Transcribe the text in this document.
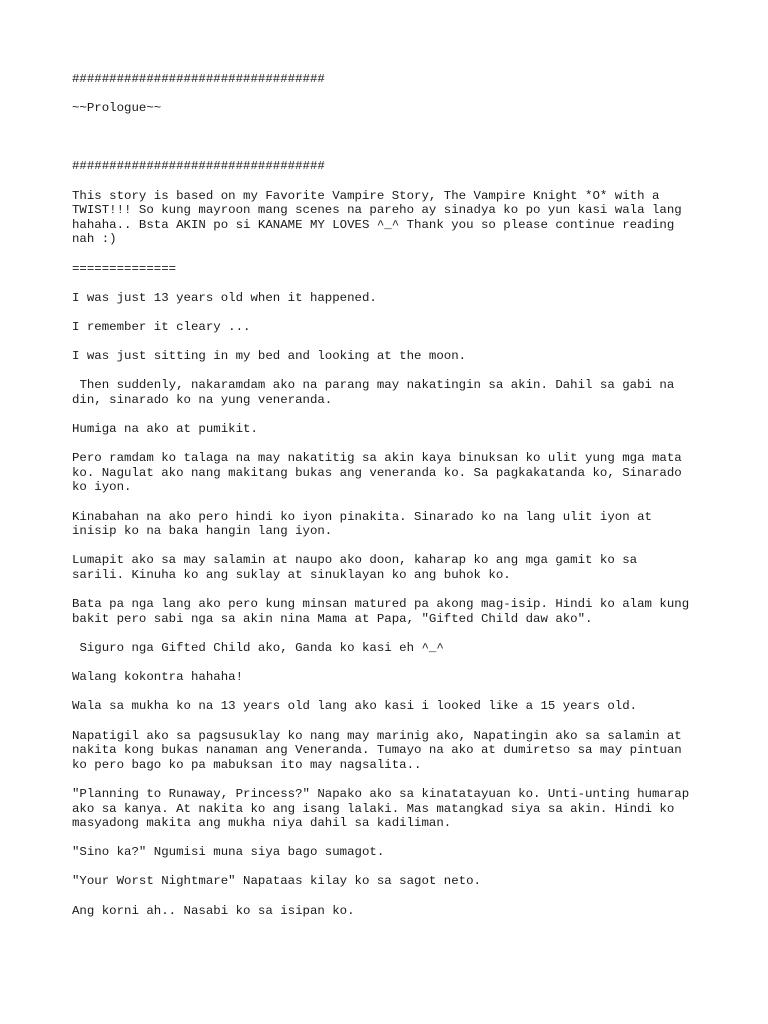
##################################

~~Prologue~~

##################################

This story is based on my Favorite Vampire Story, The Vampire Knight *O* with a
TWIST!!! So kung mayroon mang scenes na pareho ay sinadya ko po yun kasi wala lang
hahaha.. Bsta AKIN po si KANAME MY LOVES ^_^ Thank you so please continue reading
nah :)

==============

I was just 13 years old when it happened.

I remember it cleary ...

I was just sitting in my bed and looking at the moon.

Then suddenly, nakaramdam ako na parang may nakatingin sa akin. Dahil sa gabi na
din, sinarado ko na yung veneranda.

Humiga na ako at pumikit.

Pero ramdam ko talaga na may nakatitig sa akin kaya binuksan ko ulit yung mga mata
ko. Nagulat ako nang makitang bukas ang veneranda ko. Sa pagkakatanda ko, Sinarado
ko iyon.

Kinabahan na ako pero hindi ko iyon pinakita. Sinarado ko na lang ulit iyon at
inisip ko na baka hangin lang iyon.

Lumapit ako sa may salamin at naupo ako doon, kaharap ko ang mga gamit ko sa
sarili. Kinuha ko ang suklay at sinuklayan ko ang buhok ko.

Bata pa nga lang ako pero kung minsan matured pa akong mag-isip. Hindi ko alam kung
bakit pero sabi nga sa akin nina Mama at Papa, "Gifted Child daw ako".

Siguro nga Gifted Child ako, Ganda ko kasi eh ^_^

Walang kokontra hahaha!

Wala sa mukha ko na 13 years old lang ako kasi i looked like a 15 years old.

Napatigil ako sa pagsusuklay ko nang may marinig ako, Napatingin ako sa salamin at
nakita kong bukas nanaman ang Veneranda. Tumayo na ako at dumiretso sa may pintuan
ko pero bago ko pa mabuksan ito may nagsalita..

"Planning to Runaway, Princess?" Napako ako sa kinatatayuan ko. Unti-unting humarap
ako sa kanya. At nakita ko ang isang lalaki. Mas matangkad siya sa akin. Hindi ko
masyadong makita ang mukha niya dahil sa kadiliman.

"Sino ka?" Ngumisi muna siya bago sumagot.

"Your Worst Nightmare" Napataas kilay ko sa sagot neto.

Ang korni ah.. Nasabi ko sa isipan ko.
